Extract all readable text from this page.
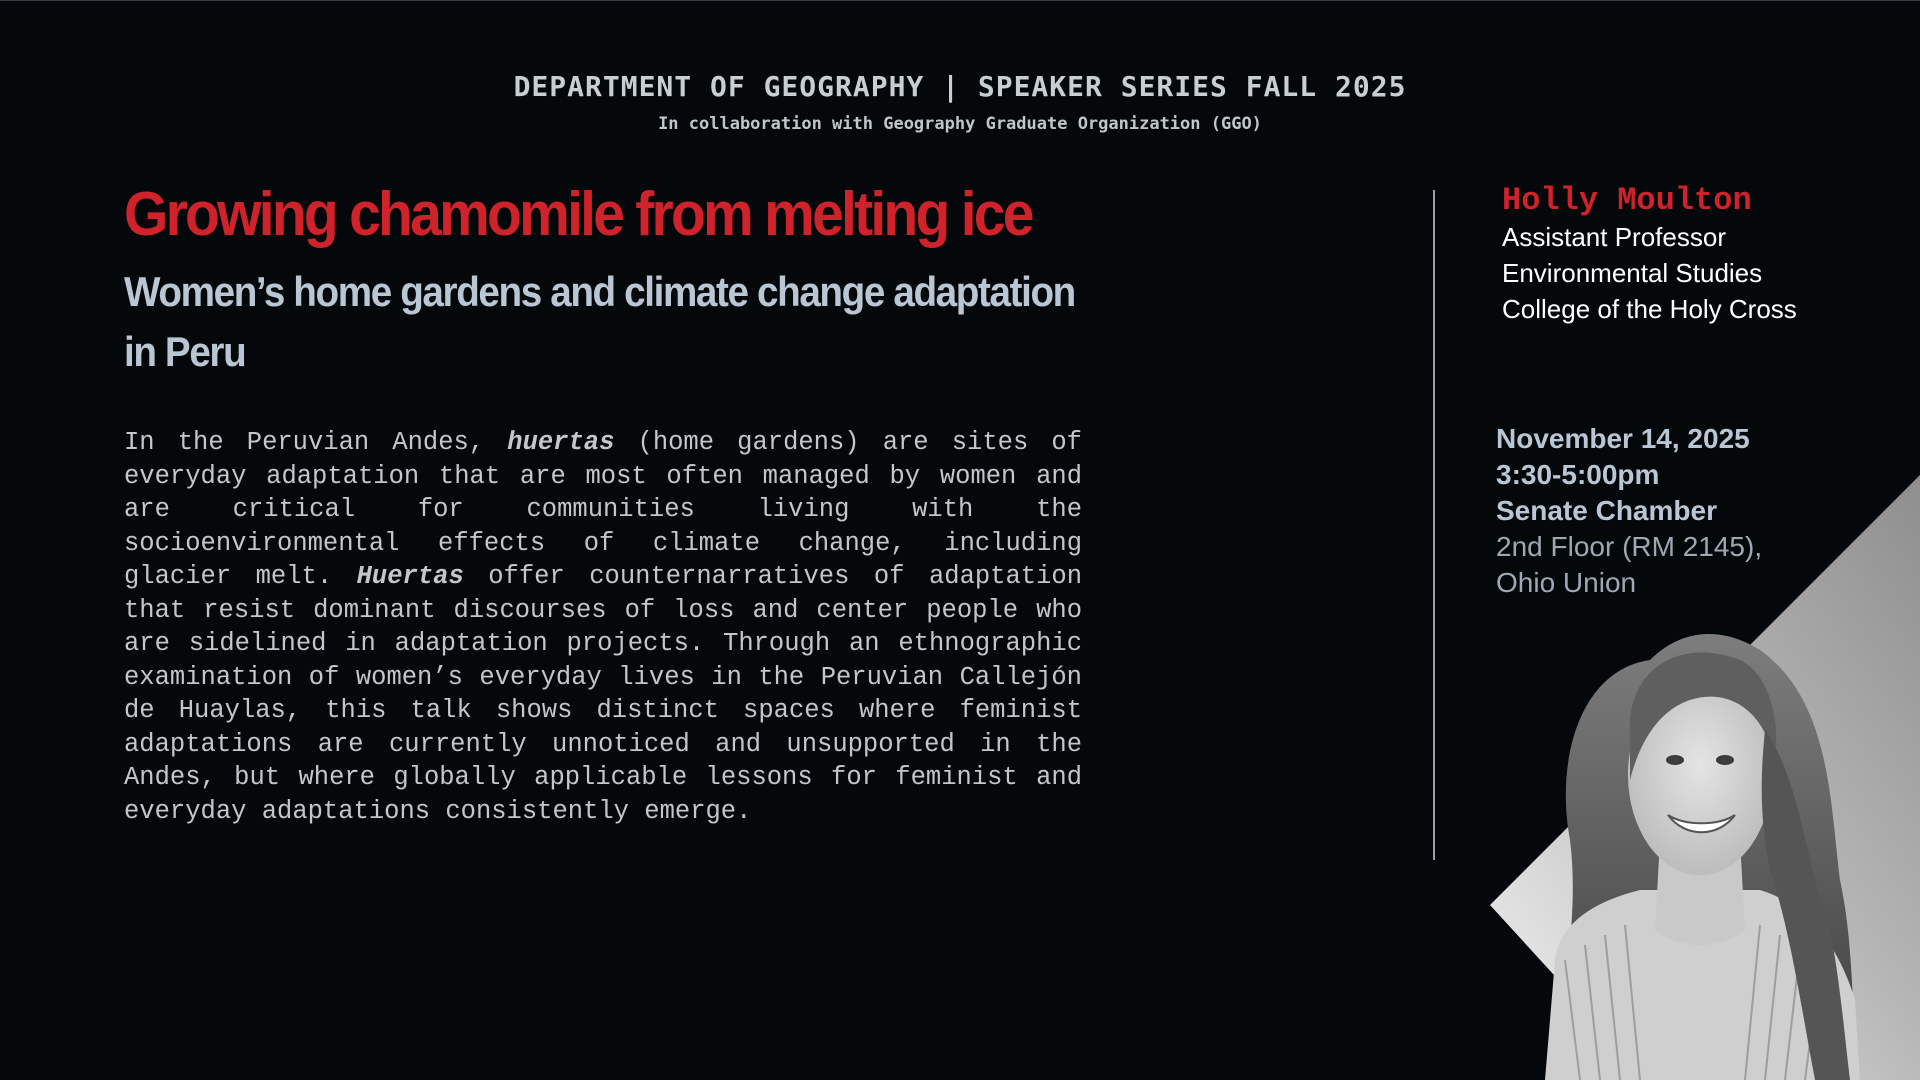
DEPARTMENT OF GEOGRAPHY | SPEAKER SERIES FALL 2025
In collaboration with Geography Graduate Organization (GGO)
Growing chamomile from melting ice
Women’s home gardens and climate change adaptation in Peru
In the Peruvian Andes, huertas (home gardens) are sites of everyday adaptation that are most often managed by women and are critical for communities living with the socioenvironmental effects of climate change, including glacier melt. Huertas offer counternarratives of adaptation that resist dominant discourses of loss and center people who are sidelined in adaptation projects. Through an ethnographic examination of women’s everyday lives in the Peruvian Callejón de Huaylas, this talk shows distinct spaces where feminist adaptations are currently unnoticed and unsupported in the Andes, but where globally applicable lessons for feminist and everyday adaptations consistently emerge.
Holly Moulton
Assistant Professor
Environmental Studies
College of the Holy Cross
November 14, 2025
3:30-5:00pm
Senate Chamber
2nd Floor (RM 2145),
Ohio Union
